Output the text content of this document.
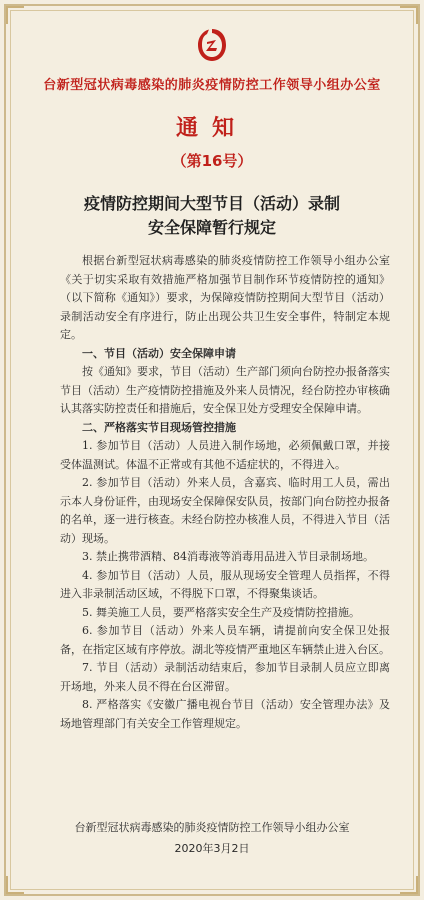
台新型冠状病毒感染的肺炎疫情防控工作领导小组办公室
通知
（第16号）
疫情防控期间大型节目（活动）录制
安全保障暂行规定

根据台新型冠状病毒感染的肺炎疫情防控工作领导小组办公室《关于切实采取有效措施严格加强节目制作环节疫情防控的通知》（以下简称《通知》）要求，为保障疫情防控期间大型节目（活动）录制活动安全有序进行，防止出现公共卫生安全事件，特制定本规定。

一、节目（活动）安全保障申请

按《通知》要求，节目（活动）生产部门须向台防控办报备落实节目（活动）生产疫情防控措施及外来人员情况，经台防控办审核确认其落实防控责任和措施后，安全保卫处方受理安全保障申请。

二、严格落实节目现场管控措施

1. 参加节目（活动）人员进入制作场地，必须佩戴口罩，并接受体温测试。体温不正常或有其他不适症状的，不得进入。

2. 参加节目（活动）外来人员，含嘉宾、临时用工人员，需出示本人身份证件，由现场安全保障保安队员，按部门向台防控办报备的名单，逐一进行核查。未经台防控办核准人员，不得进入节目（活动）现场。

3. 禁止携带酒精、84消毒液等消毒用品进入节目录制场地。

4. 参加节目（活动）人员，服从现场安全管理人员指挥，不得进入非录制活动区域，不得脱下口罩，不得聚集谈话。

5. 舞美施工人员，要严格落实安全生产及疫情防控措施。

6. 参加节目（活动）外来人员车辆，请提前向安全保卫处报备，在指定区域有序停放。湖北等疫情严重地区车辆禁止进入台区。

7. 节目（活动）录制活动结束后，参加节目录制人员应立即离开场地，外来人员不得在台区滞留。

8. 严格落实《安徽广播电视台节目（活动）安全管理办法》及场地管理部门有关安全工作管理规定。

台新型冠状病毒感染的肺炎疫情防控工作领导小组办公室
2020年3月2日
